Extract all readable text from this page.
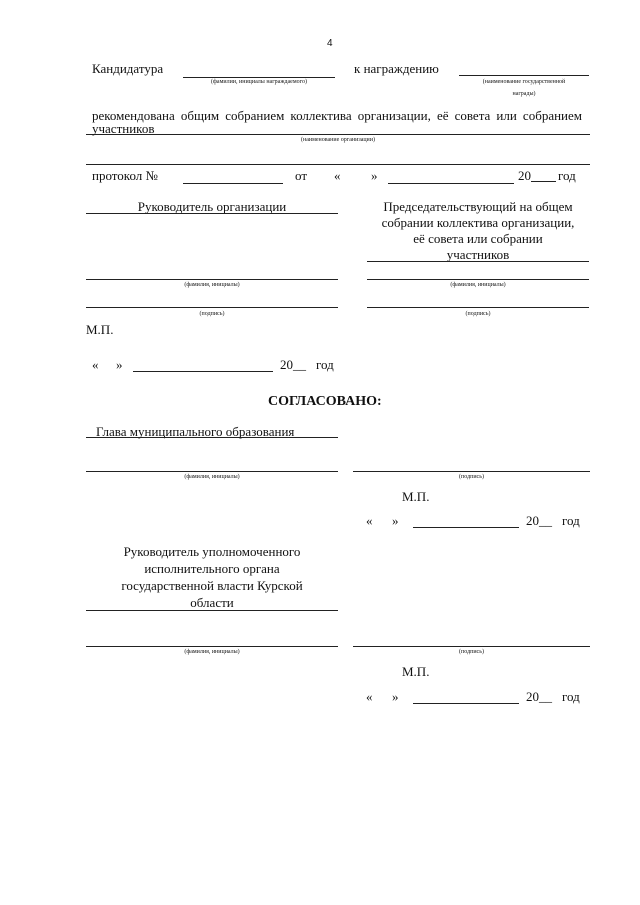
4
Кандидатура
(фамилии, инициалы награждаемого)
к награждению
(наименование государственной
награды)
рекомендована общим собранием коллектива организации, её совета или собранием
участников
(наименование организации)
протокол №	от « »	20 год
Руководитель организации
(фамилия, инициалы)
(подпись)
Председательствующий на общем
собрании коллектива организации,
её совета или собрании
участников
(фамилия, инициалы)
(подпись)
М.П.
« »	20__ год
СОГЛАСОВАНО:
Глава муниципального образования
(фамилия, инициалы)	(подпись)
М.П.
« »	20__ год
Руководитель уполномоченного
исполнительного органа
государственной власти Курской
области
(фамилия, инициалы)	(подпись)
М.П.
« »	20__ год
